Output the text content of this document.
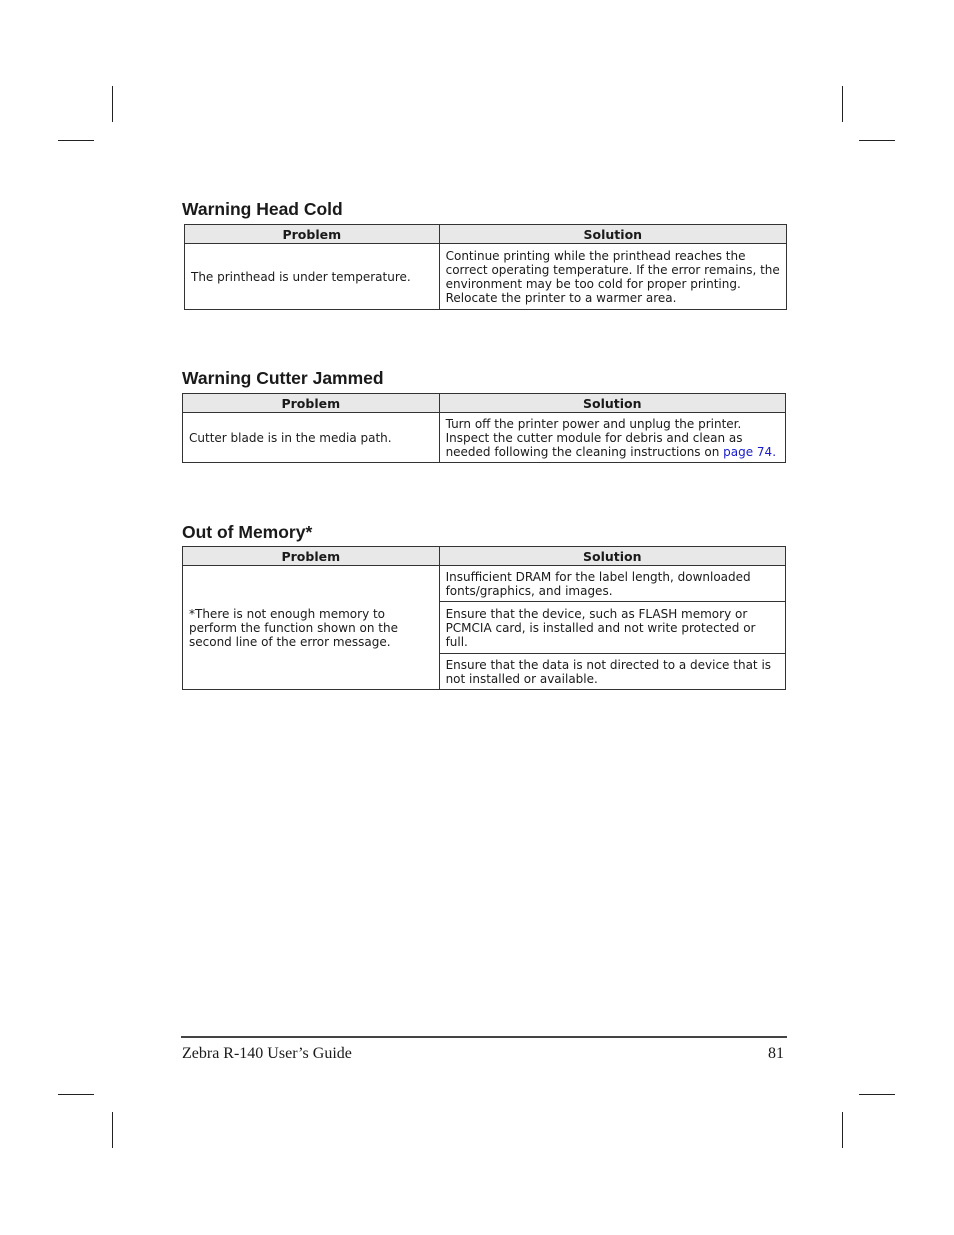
Warning Head Cold
Problem	Solution
The printhead is under temperature.	Continue printing while the printhead reaches the correct operating temperature. If the error remains, the environment may be too cold for proper printing. Relocate the printer to a warmer area.
Warning Cutter Jammed
Problem	Solution
Cutter blade is in the media path.	Turn off the printer power and unplug the printer. Inspect the cutter module for debris and clean as needed following the cleaning instructions on page 74.
Out of Memory*
Problem	Solution
*There is not enough memory to perform the function shown on the second line of the error message.	Insufficient DRAM for the label length, downloaded fonts/graphics, and images.
	Ensure that the device, such as FLASH memory or PCMCIA card, is installed and not write protected or full.
	Ensure that the data is not directed to a device that is not installed or available.
Zebra R-140 User’s Guide	81
